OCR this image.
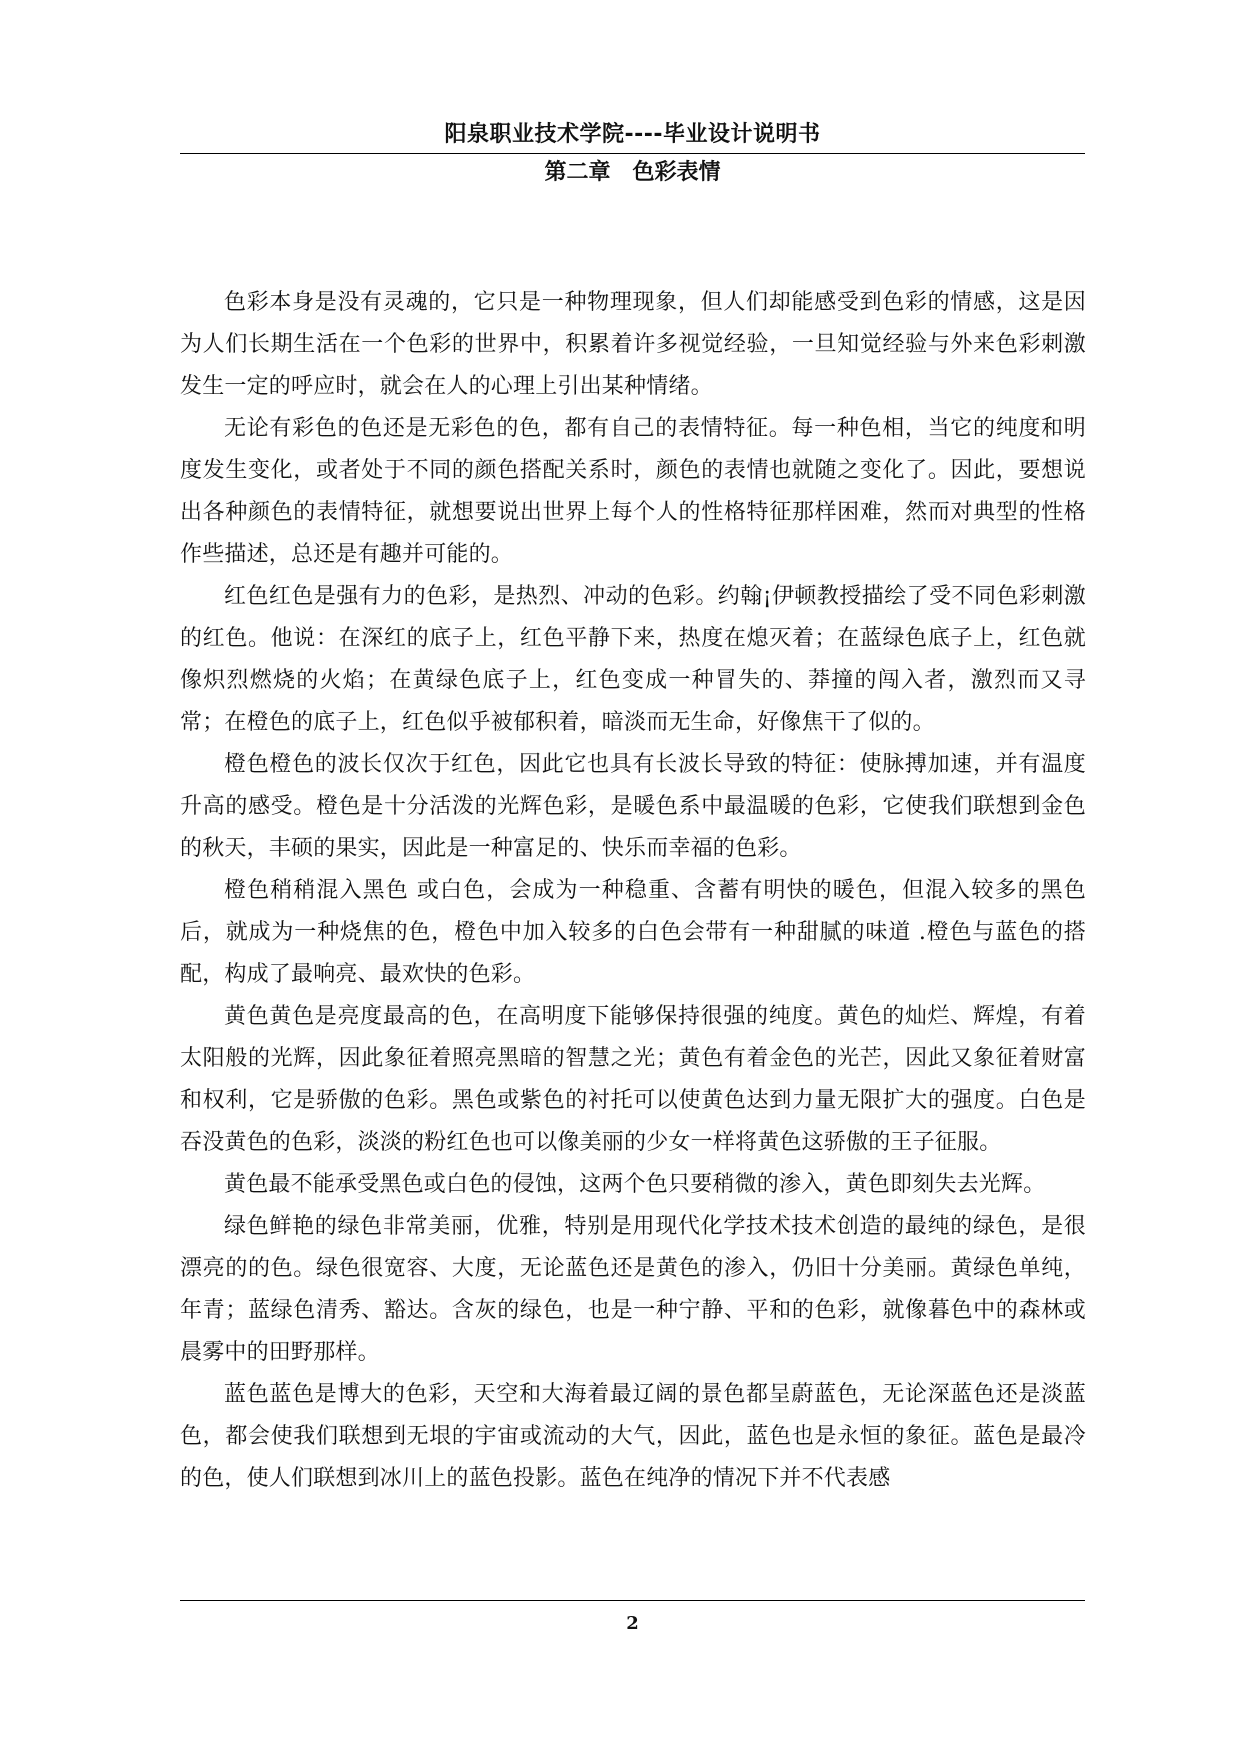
阳泉职业技术学院----毕业设计说明书
第二章　色彩表情

色彩本身是没有灵魂的，它只是一种物理现象，但人们却能感受到色彩的情感，这是因为人们长期生活在一个色彩的世界中，积累着许多视觉经验，一旦知觉经验与外来色彩刺激发生一定的呼应时，就会在人的心理上引出某种情绪。

无论有彩色的色还是无彩色的色，都有自己的表情特征。每一种色相，当它的纯度和明度发生变化，或者处于不同的颜色搭配关系时，颜色的表情也就随之变化了。因此，要想说出各种颜色的表情特征，就想要说出世界上每个人的性格特征那样困难，然而对典型的性格作些描述，总还是有趣并可能的。

红色红色是强有力的色彩，是热烈、冲动的色彩。约翰¡伊顿教授描绘了受不同色彩刺激的红色。他说：在深红的底子上，红色平静下来，热度在熄灭着；在蓝绿色底子上，红色就像炽烈燃烧的火焰；在黄绿色底子上，红色变成一种冒失的、莽撞的闯入者，激烈而又寻常；在橙色的底子上，红色似乎被郁积着，暗淡而无生命，好像焦干了似的。

橙色橙色的波长仅次于红色，因此它也具有长波长导致的特征：使脉搏加速，并有温度升高的感受。橙色是十分活泼的光辉色彩，是暖色系中最温暖的色彩，它使我们联想到金色的秋天，丰硕的果实，因此是一种富足的、快乐而幸福的色彩。

橙色稍稍混入黑色 或白色，会成为一种稳重、含蓄有明快的暖色，但混入较多的黑色后，就成为一种烧焦的色，橙色中加入较多的白色会带有一种甜腻的味道 .橙色与蓝色的搭配，构成了最响亮、最欢快的色彩。

黄色黄色是亮度最高的色，在高明度下能够保持很强的纯度。黄色的灿烂、辉煌，有着太阳般的光辉，因此象征着照亮黑暗的智慧之光；黄色有着金色的光芒，因此又象征着财富和权利，它是骄傲的色彩。黑色或紫色的衬托可以使黄色达到力量无限扩大的强度。白色是吞没黄色的色彩，淡淡的粉红色也可以像美丽的少女一样将黄色这骄傲的王子征服。

黄色最不能承受黑色或白色的侵蚀，这两个色只要稍微的渗入，黄色即刻失去光辉。

绿色鲜艳的绿色非常美丽，优雅，特别是用现代化学技术技术创造的最纯的绿色，是很漂亮的的色。绿色很宽容、大度，无论蓝色还是黄色的渗入，仍旧十分美丽。黄绿色单纯，年青；蓝绿色清秀、豁达。含灰的绿色，也是一种宁静、平和的色彩，就像暮色中的森林或晨雾中的田野那样。

蓝色蓝色是博大的色彩，天空和大海着最辽阔的景色都呈蔚蓝色，无论深蓝色还是淡蓝色，都会使我们联想到无垠的宇宙或流动的大气，因此，蓝色也是永恒的象征。蓝色是最冷的色，使人们联想到冰川上的蓝色投影。蓝色在纯净的情况下并不代表感

2
